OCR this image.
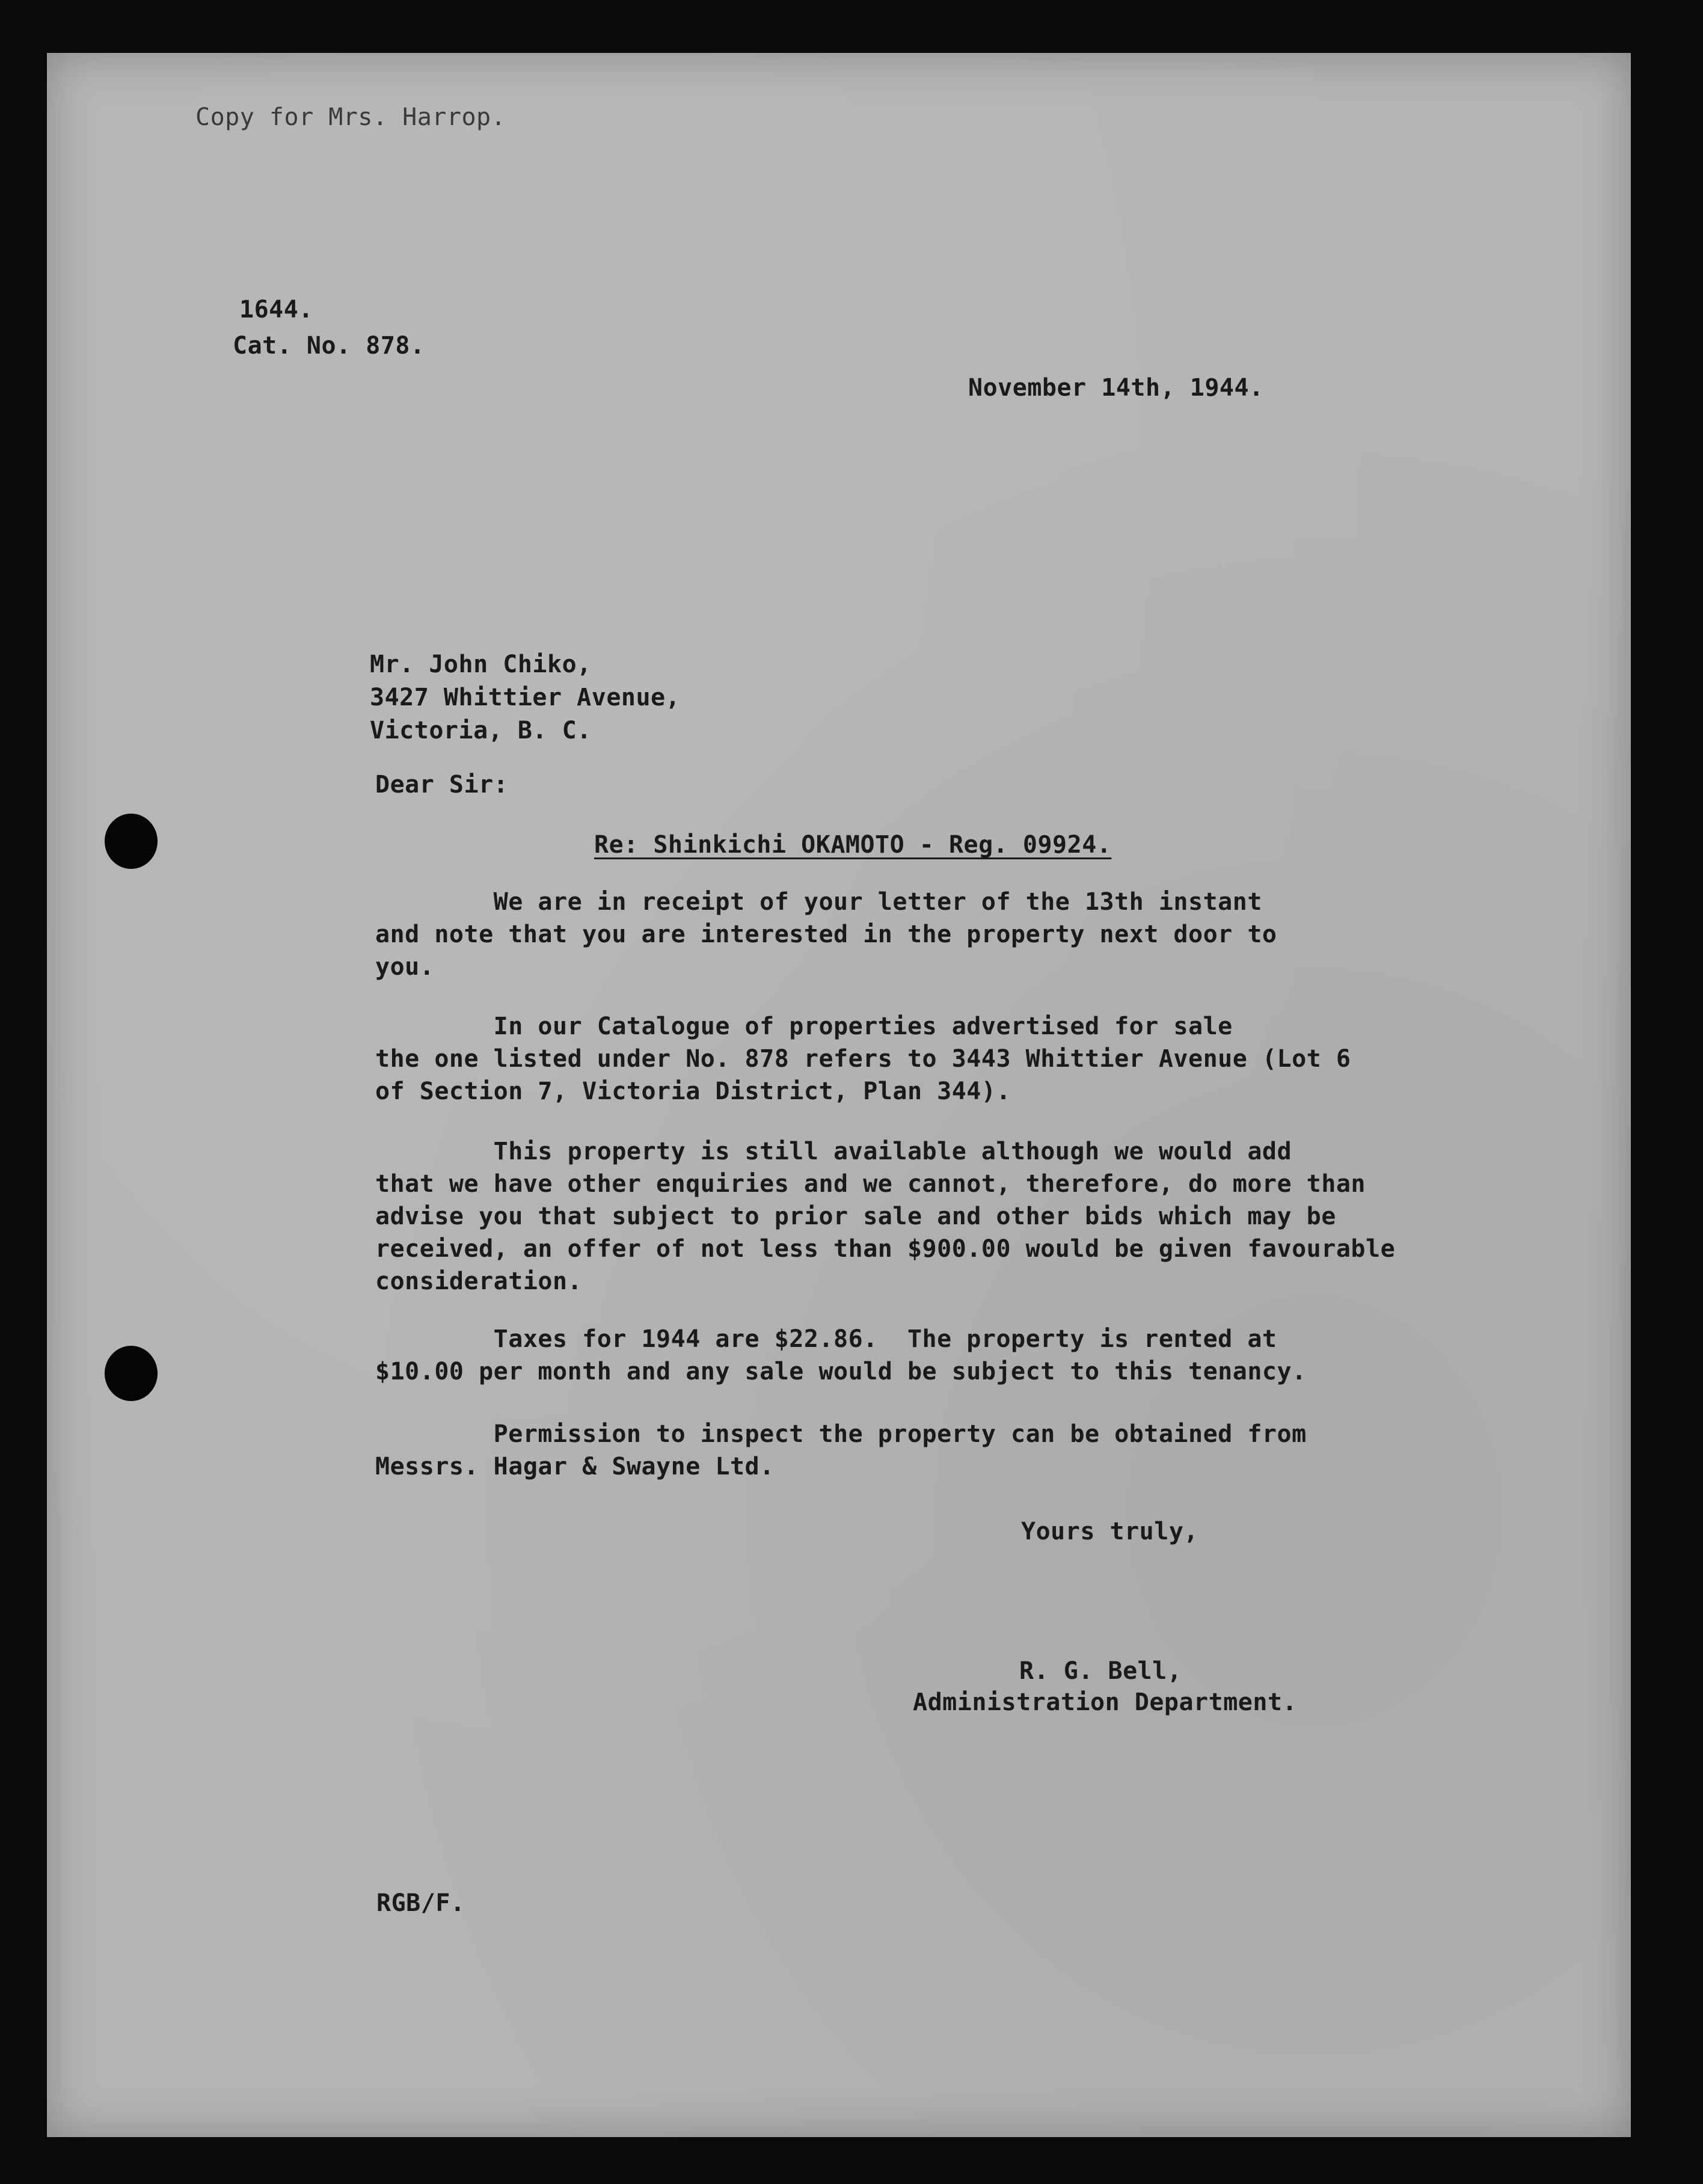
Copy for Mrs. Harrop.

1644.

Cat. No. 878.

November 14th, 1944.

Mr. John Chiko,

3427 Whittier Avenue,

Victoria, B. C.

Dear Sir:

Re: Shinkichi OKAMOTO - Reg. 09924.

We are in receipt of your letter of the 13th instant
and note that you are interested in the property next door to
you.
In our Catalogue of properties advertised for sale
the one listed under No. 878 refers to 3443 Whittier Avenue (Lot 6
of Section 7, Victoria District, Plan 344).
This property is still available although we would add
that we have other enquiries and we cannot, therefore, do more than
advise you that subject to prior sale and other bids which may be
received, an offer of not less than $900.00 would be given favourable
consideration.
Taxes for 1944 are $22.86.  The property is rented at
$10.00 per month and any sale would be subject to this tenancy.
Permission to inspect the property can be obtained from
Messrs. Hagar & Swayne Ltd.

Yours truly,

R. G. Bell,

Administration Department.

RGB/F.
